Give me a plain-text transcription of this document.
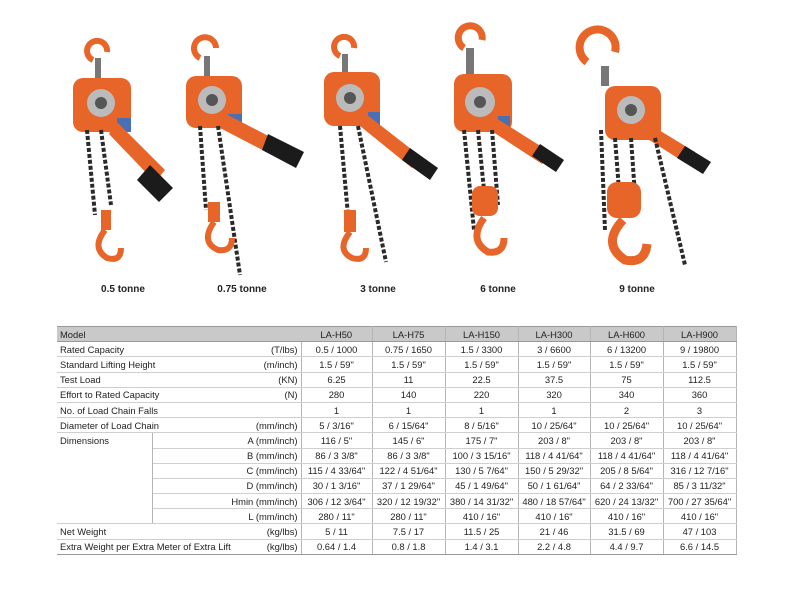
0.5 tonne	0.75 tonne	3 tonne	6 tonne	9 tonne
Model		LA-H50	LA-H75	LA-H150	LA-H300	LA-H600	LA-H900
Rated Capacity	(T/lbs)	0.5 / 1000	0.75 / 1650	1.5 / 3300	3 / 6600	6 / 13200	9 / 19800
Standard Lifting Height	(m/inch)	1.5 / 59"	1.5 / 59"	1.5 / 59"	1.5 / 59"	1.5 / 59"	1.5 / 59"
Test Load	(KN)	6.25	11	22.5	37.5	75	112.5
Effort to Rated Capacity	(N)	280	140	220	320	340	360
No. of Load Chain Falls		1	1	1	1	2	3
Diameter of Load Chain	(mm/inch)	5 / 3/16"	6 / 15/64"	8 / 5/16"	10 / 25/64"	10 / 25/64"	10 / 25/64"
Dimensions	A (mm/inch)	116 / 5"	145 / 6"	175 / 7"	203 / 8"	203 / 8"	203 / 8"
	B (mm/inch)	86 / 3 3/8"	86 / 3 3/8"	100 / 3 15/16"	118 / 4 41/64"	118 / 4 41/64"	118 / 4 41/64"
	C (mm/inch)	115 / 4 33/64"	122 / 4 51/64"	130 / 5 7/64"	150 / 5 29/32"	205 / 8 5/64"	316 / 12 7/16"
	D (mm/inch)	30 / 1 3/16"	37 / 1 29/64"	45 / 1 49/64"	50 / 1 61/64"	64 / 2 33/64"	85 / 3 11/32"
	Hmin (mm/inch)	306 / 12 3/64"	320 / 12 19/32"	380 / 14 31/32"	480 / 18 57/64"	620 / 24 13/32"	700 / 27 35/64"
	L (mm/inch)	280 / 11"	280 / 11"	410 / 16"	410 / 16"	410 / 16"	410 / 16"
Net Weight	(kg/lbs)	5 / 11	7.5 / 17	11.5 / 25	21 / 46	31.5 / 69	47 / 103
Extra Weight per Extra Meter of Extra Lift	(kg/lbs)	0.64 / 1.4	0.8 / 1.8	1.4 / 3.1	2.2 / 4.8	4.4 / 9.7	6.6 / 14.5
